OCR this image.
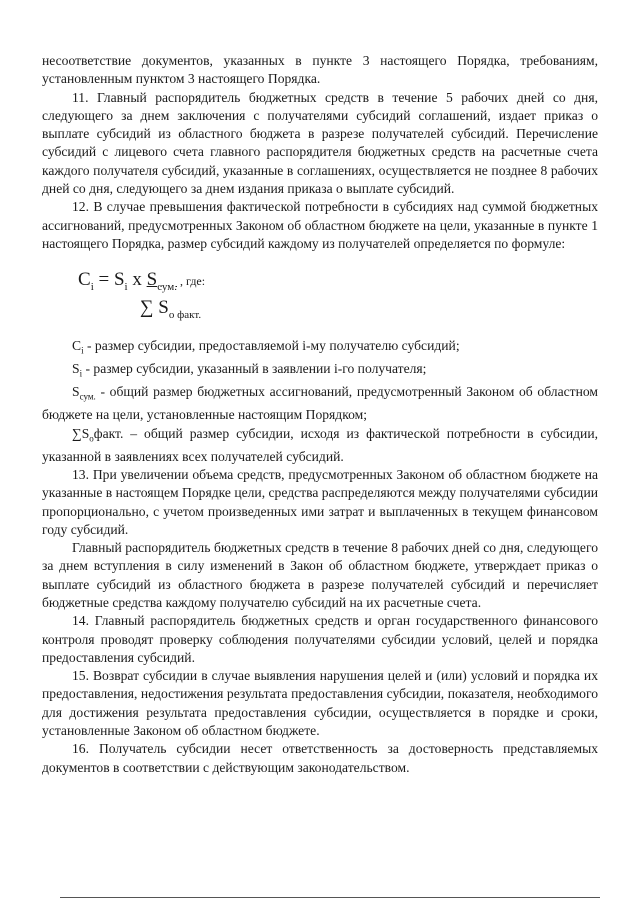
несоответствие документов, указанных в пункте 3 настоящего Порядка, требованиям, установленным пунктом 3 настоящего Порядка.

11. Главный распорядитель бюджетных средств в течение 5 рабочих дней со дня, следующего за днем заключения с получателями субсидий соглашений, издает приказ о выплате субсидий из областного бюджета в разрезе получателей субсидий. Перечисление субсидий с лицевого счета главного распорядителя бюджетных средств на расчетные счета каждого получателя субсидий, указанные в соглашениях, осуществляется не позднее 8 рабочих дней со дня, следующего за днем издания приказа о выплате субсидий.

12. В случае превышения фактической потребности в субсидиях над суммой бюджетных ассигнований, предусмотренных Законом об областном бюджете на цели, указанные в пункте 1 настоящего Порядка, размер субсидий каждому из получателей определяется по формуле:

$C_i = S_i$ x $S_{сум.}$ , где:
∑ $S_{о факт.}$

$C_i$ - размер субсидии, предоставляемой i-му получателю субсидий;

$S_i$ - размер субсидии, указанный в заявлении i-го получателя;

$S_{сум.}$ - общий размер бюджетных ассигнований, предусмотренный Законом об областном бюджете на цели, установленные настоящим Порядком;

$\sum S_офакт$. – общий размер субсидии, исходя из фактической потребности в субсидии, указанной в заявлениях всех получателей субсидий.

13. При увеличении объема средств, предусмотренных Законом об областном бюджете на указанные в настоящем Порядке цели, средства распределяются между получателями субсидии пропорционально, с учетом произведенных ими затрат и выплаченных в текущем финансовом году субсидий.

Главный распорядитель бюджетных средств в течение 8 рабочих дней со дня, следующего за днем вступления в силу изменений в Закон об областном бюджете, утверждает приказ о выплате субсидий из областного бюджета в разрезе получателей субсидий и перечисляет бюджетные средства каждому получателю субсидий на их расчетные счета.

14. Главный распорядитель бюджетных средств и орган государственного финансового контроля проводят проверку соблюдения получателями субсидии условий, целей и порядка предоставления субсидий.

15. Возврат субсидии в случае выявления нарушения целей и (или) условий и порядка их предоставления, недостижения результата предоставления субсидии, показателя, необходимого для достижения результата предоставления субсидии, осуществляется в порядке и сроки, установленные Законом об областном бюджете.

16. Получатель субсидии несет ответственность за достоверность представляемых документов в соответствии с действующим законодательством.
